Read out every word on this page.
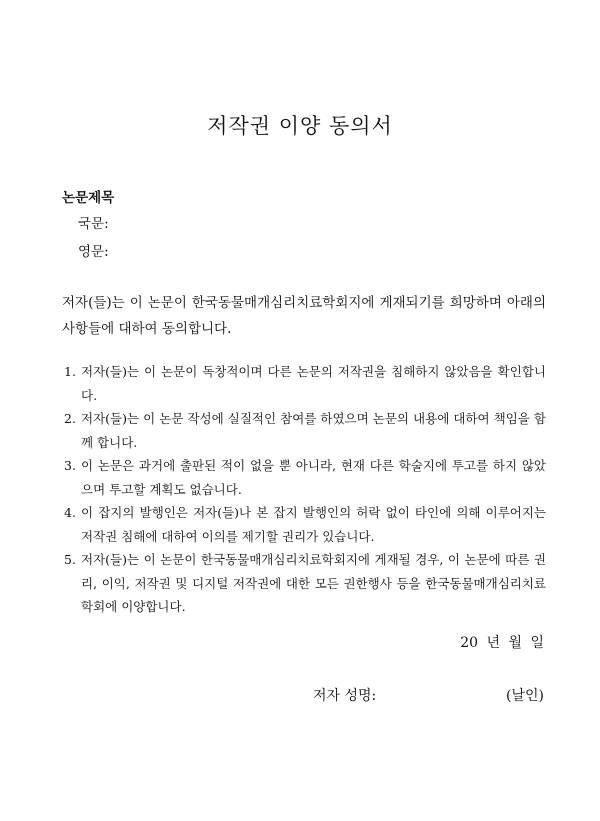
저작권 이양 동의서
논문제목
국문:
영문:
저자(들)는 이 논문이 한국동물매개심리치료학회지에 게재되기를 희망하며 아래의
사항들에 대하여 동의합니다.
1. 저자(들)는 이 논문이 독창적이며 다른 논문의 저작권을 침해하지 않았음을 확인합니다.
2. 저자(들)는 이 논문 작성에 실질적인 참여를 하였으며 논문의 내용에 대하여 책임을 함께 합니다.
3. 이 논문은 과거에 출판된 적이 없을 뿐 아니라, 현재 다른 학술지에 투고를 하지 않았으며 투고할 계획도 없습니다.
4. 이 잡지의 발행인은 저자(들)나 본 잡지 발행인의 허락 없이 타인에 의해 이루어지는 저작권 침해에 대하여 이의를 제기할 권리가 있습니다.
5. 저자(들)는 이 논문이 한국동물매개심리치료학회지에 게재될 경우, 이 논문에 따른 권리, 이익, 저작권 및 디지털 저작권에 대한 모든 권한행사 등을 한국동물매개심리치료학회에 이양합니다.
20 년 월 일
저자 성명:	(날인)
